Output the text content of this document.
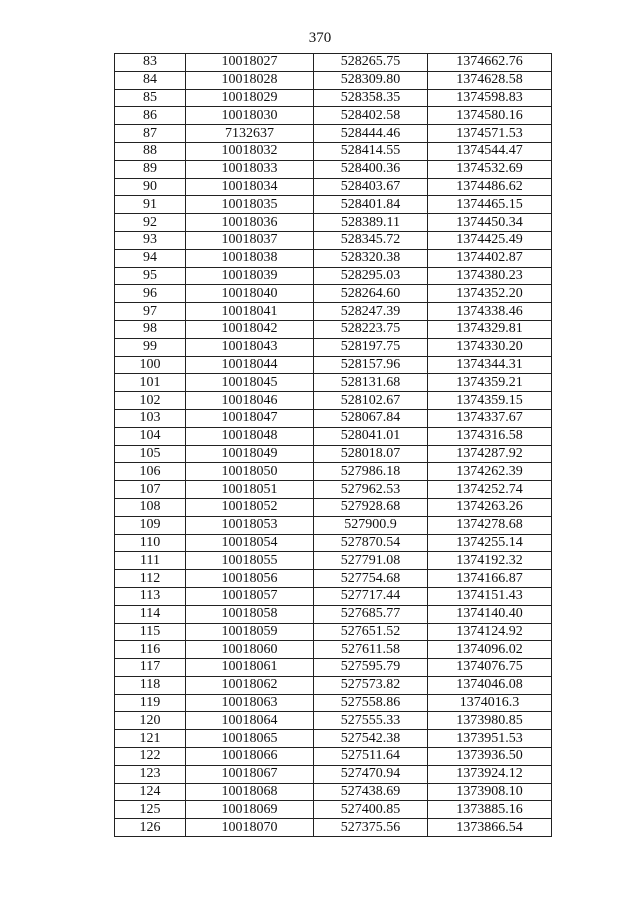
370
83	10018027	528265.75	1374662.76
84	10018028	528309.80	1374628.58
85	10018029	528358.35	1374598.83
86	10018030	528402.58	1374580.16
87	7132637	528444.46	1374571.53
88	10018032	528414.55	1374544.47
89	10018033	528400.36	1374532.69
90	10018034	528403.67	1374486.62
91	10018035	528401.84	1374465.15
92	10018036	528389.11	1374450.34
93	10018037	528345.72	1374425.49
94	10018038	528320.38	1374402.87
95	10018039	528295.03	1374380.23
96	10018040	528264.60	1374352.20
97	10018041	528247.39	1374338.46
98	10018042	528223.75	1374329.81
99	10018043	528197.75	1374330.20
100	10018044	528157.96	1374344.31
101	10018045	528131.68	1374359.21
102	10018046	528102.67	1374359.15
103	10018047	528067.84	1374337.67
104	10018048	528041.01	1374316.58
105	10018049	528018.07	1374287.92
106	10018050	527986.18	1374262.39
107	10018051	527962.53	1374252.74
108	10018052	527928.68	1374263.26
109	10018053	527900.9	1374278.68
110	10018054	527870.54	1374255.14
111	10018055	527791.08	1374192.32
112	10018056	527754.68	1374166.87
113	10018057	527717.44	1374151.43
114	10018058	527685.77	1374140.40
115	10018059	527651.52	1374124.92
116	10018060	527611.58	1374096.02
117	10018061	527595.79	1374076.75
118	10018062	527573.82	1374046.08
119	10018063	527558.86	1374016.3
120	10018064	527555.33	1373980.85
121	10018065	527542.38	1373951.53
122	10018066	527511.64	1373936.50
123	10018067	527470.94	1373924.12
124	10018068	527438.69	1373908.10
125	10018069	527400.85	1373885.16
126	10018070	527375.56	1373866.54
